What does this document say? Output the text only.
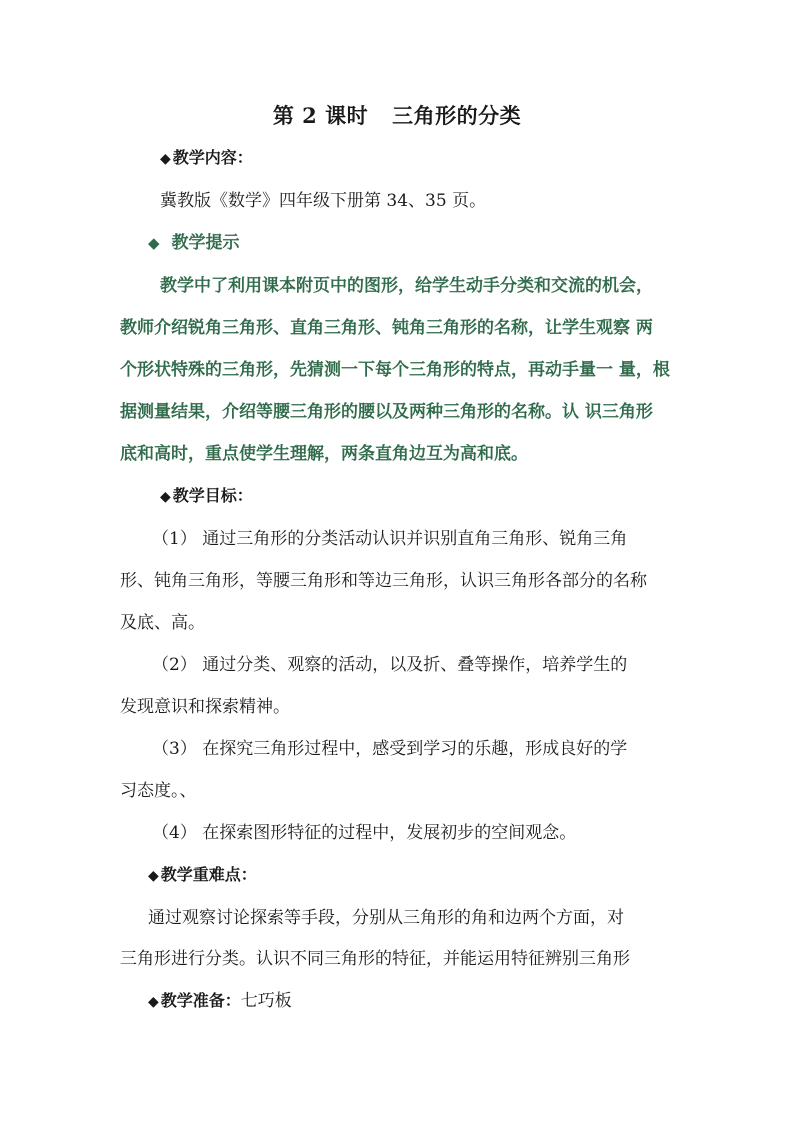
第 2 课时 三角形的分类
◆ 教学内容：
冀教版《数学》四年级下册第 34、35 页。
◆ 教学提示
教学中了利用课本附页中的图形，给学生动手分类和交流的机会，
教师介绍锐角三角形、直角三角形、钝角三角形的名称，让学生观察 两
个形状特殊的三角形，先猜测一下每个三角形的特点，再动手量一 量，根
据测量结果，介绍等腰三角形的腰以及两种三角形的名称。认 识三角形
底和高时，重点使学生理解，两条直角边互为高和底。
◆ 教学目标：
（1） 通过三角形的分类活动认识并识别直角三角形、锐角三角
形、钝角三角形，等腰三角形和等边三角形，认识三角形各部分的名称
及底、高。
（2） 通过分类、观察的活动，以及折、叠等操作，培养学生的
发现意识和探索精神。
（3） 在探究三角形过程中，感受到学习的乐趣，形成良好的学
习态度。、
（4） 在探索图形特征的过程中，发展初步的空间观念。
◆ 教学重难点：
通过观察讨论探索等手段，分别从三角形的角和边两个方面，对
三角形进行分类。认识不同三角形的特征，并能运用特征辨别三角形
◆ 教学准备：七巧板
